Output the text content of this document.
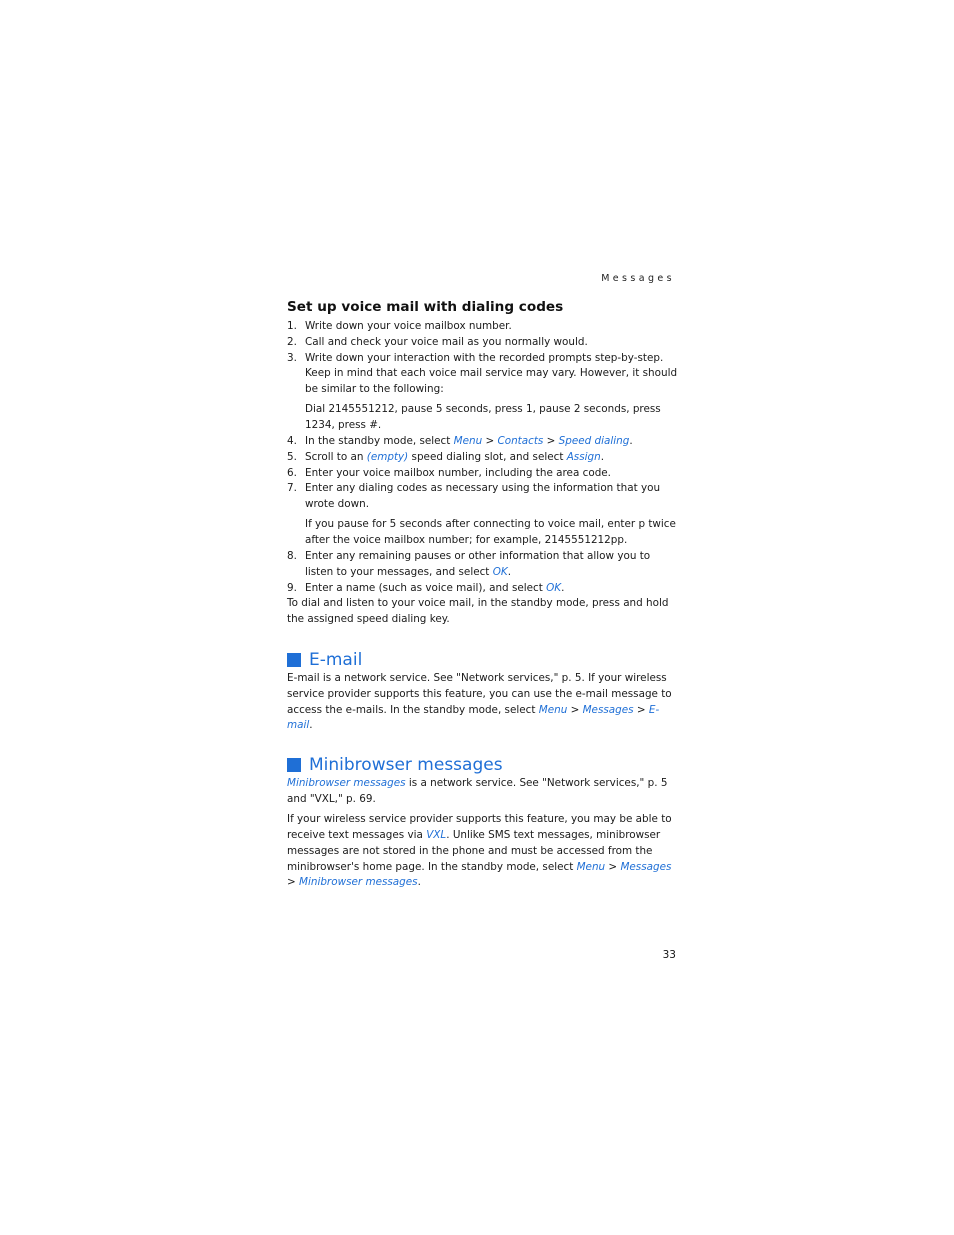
Messages
Set up voice mail with dialing codes
1. Write down your voice mailbox number.
2. Call and check your voice mail as you normally would.
3. Write down your interaction with the recorded prompts step-by-step. Keep in mind that each voice mail service may vary. However, it should be similar to the following:
Dial 2145551212, pause 5 seconds, press 1, pause 2 seconds, press 1234, press #.
4. In the standby mode, select Menu > Contacts > Speed dialing.
5. Scroll to an (empty) speed dialing slot, and select Assign.
6. Enter your voice mailbox number, including the area code.
7. Enter any dialing codes as necessary using the information that you wrote down.
If you pause for 5 seconds after connecting to voice mail, enter p twice after the voice mailbox number; for example, 2145551212pp.
8. Enter any remaining pauses or other information that allow you to listen to your messages, and select OK.
9. Enter a name (such as voice mail), and select OK.

To dial and listen to your voice mail, in the standby mode, press and hold the assigned speed dialing key.

E-mail

E-mail is a network service. See "Network services," p. 5. If your wireless service provider supports this feature, you can use the e-mail message to access the e-mails. In the standby mode, select Menu > Messages > E-mail.

Minibrowser messages

Minibrowser messages is a network service. See "Network services," p. 5 and "VXL," p. 69.

If your wireless service provider supports this feature, you may be able to receive text messages via VXL. Unlike SMS text messages, minibrowser messages are not stored in the phone and must be accessed from the minibrowser's home page. In the standby mode, select Menu > Messages > Minibrowser messages.

33
